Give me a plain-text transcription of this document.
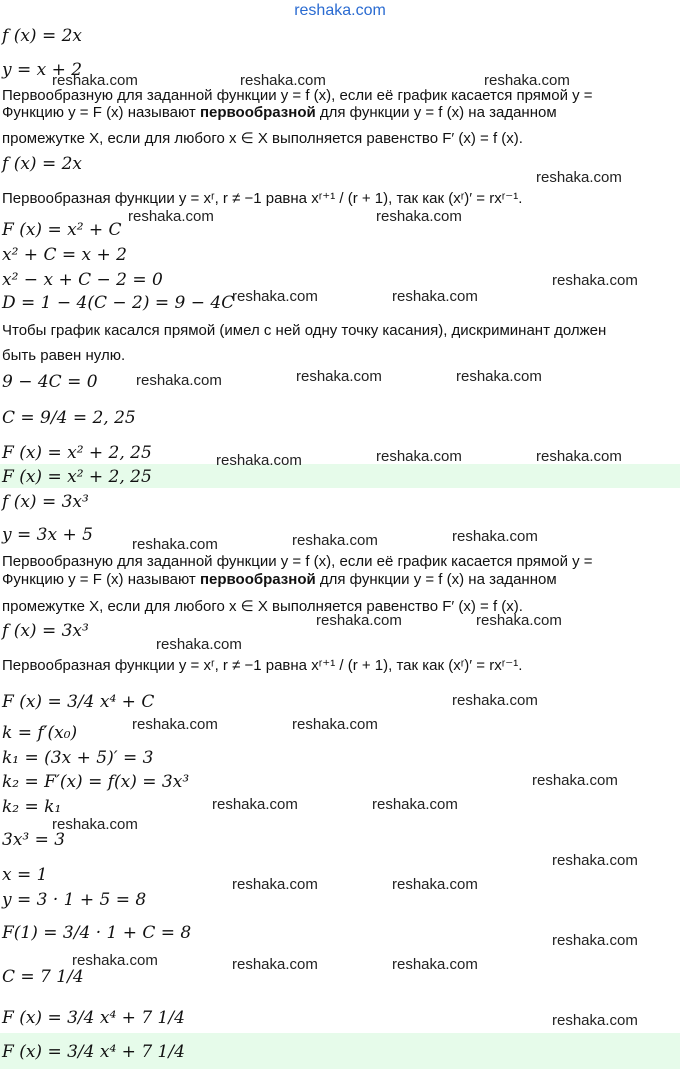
reshaka.com
f (x) = 2x
y = x + 2
Первообразную для заданной функции y = f (x), если её график касается прямой y =
Функцию y = F (x) называют первообразной для функции y = f (x) на заданном
промежутке X, если для любого x ∈ X выполняется равенство F′ (x) = f (x).
f (x) = 2x
Первообразная функции y = xʳ, r ≠ −1 равна xʳ⁺¹ / (r + 1), так как (xʳ)′ = rxʳ⁻¹.
F (x) = x² + C
x² + C = x + 2
x² − x + C − 2 = 0
D = 1 − 4(C − 2) = 9 − 4C
Чтобы график касался прямой (имел с ней одну точку касания), дискриминант должен
быть равен нулю.
9 − 4C = 0
C = 9/4 = 2, 25
F (x) = x² + 2, 25
F (x) = x² + 2, 25
f (x) = 3x³
y = 3x + 5
Первообразную для заданной функции y = f (x), если её график касается прямой y =
Функцию y = F (x) называют первообразной для функции y = f (x) на заданном
промежутке X, если для любого x ∈ X выполняется равенство F′ (x) = f (x).
f (x) = 3x³
Первообразная функции y = xʳ, r ≠ −1 равна xʳ⁺¹ / (r + 1), так как (xʳ)′ = rxʳ⁻¹.
F (x) = 3/4 x⁴ + C
k = f′(x₀)
k₁ = (3x + 5)′ = 3
k₂ = F′(x) = f(x) = 3x³
k₂ = k₁
3x³ = 3
x = 1
y = 3 · 1 + 5 = 8
F(1) = 3/4 · 1 + C = 8
C = 7 1/4
F (x) = 3/4 x⁴ + 7 1/4
F (x) = 3/4 x⁴ + 7 1/4
reshaka.com	reshaka.com	reshaka.com
reshaka.com
reshaka.com	reshaka.com
reshaka.com
reshaka.com	reshaka.com
reshaka.com	reshaka.com	reshaka.com
reshaka.com	reshaka.com	reshaka.com
reshaka.com	reshaka.com
reshaka.com
reshaka.com	reshaka.com
reshaka.com
reshaka.com
reshaka.com	reshaka.com
reshaka.com
reshaka.com	reshaka.com
reshaka.com
reshaka.com
reshaka.com	reshaka.com
reshaka.com
reshaka.com	reshaka.com	reshaka.com
reshaka.com
